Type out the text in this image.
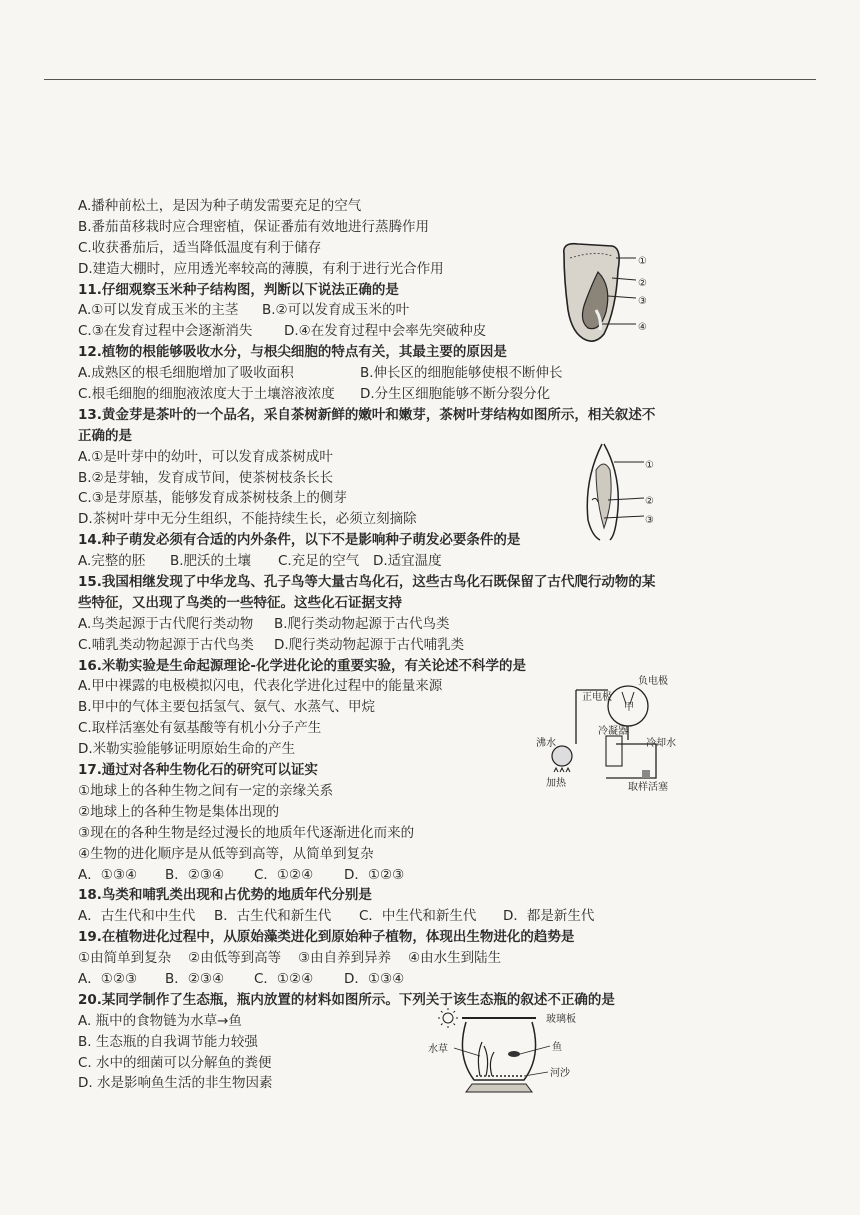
A.播种前松土，是因为种子萌发需要充足的空气
B.番茄苗移栽时应合理密植，保证番茄有效地进行蒸腾作用
C.收获番茄后，适当降低温度有利于储存
D.建造大棚时，应用透光率较高的薄膜，有利于进行光合作用
11.仔细观察玉米种子结构图，判断以下说法正确的是
A.①可以发育成玉米的主茎 B.②可以发育成玉米的叶
C.③在发育过程中会逐渐消失 D.④在发育过程中会率先突破种皮
12.植物的根能够吸收水分，与根尖细胞的特点有关，其最主要的原因是
A.成熟区的根毛细胞增加了吸收面积	B.伸长区的细胞能够使根不断伸长
C.根毛细胞的细胞液浓度大于土壤溶液浓度 D.分生区细胞能够不断分裂分化
13.黄金芽是茶叶的一个品名，采自茶树新鲜的嫩叶和嫩芽，茶树叶芽结构如图所示，相关叙述不
正确的是
A.①是叶芽中的幼叶，可以发育成茶树成叶
B.②是芽轴，发育成节间，使茶树枝条长长
C.③是芽原基，能够发育成茶树枝条上的侧芽
D.茶树叶芽中无分生组织，不能持续生长，必须立刻摘除
14.种子萌发必须有合适的内外条件，以下不是影响种子萌发必要条件的是
A.完整的胚 B.肥沃的土壤 C.充足的空气 D.适宜温度
15.我国相继发现了中华龙鸟、孔子鸟等大量古鸟化石，这些古鸟化石既保留了古代爬行动物的某
些特征，又出现了鸟类的一些特征。这些化石证据支持
A.鸟类起源于古代爬行类动物 B.爬行类动物起源于古代鸟类
C.哺乳类动物起源于古代鸟类 D.爬行类动物起源于古代哺乳类
16.米勒实验是生命起源理论-化学进化论的重要实验，有关论述不科学的是
A.甲中裸露的电极模拟闪电，代表化学进化过程中的能量来源
B.甲中的气体主要包括氢气、氨气、水蒸气、甲烷
C.取样活塞处有氨基酸等有机小分子产生
D.米勒实验能够证明原始生命的产生
17.通过对各种生物化石的研究可以证实
①地球上的各种生物之间有一定的亲缘关系
②地球上的各种生物是集体出现的
③现在的各种生物是经过漫长的地质年代逐渐进化而来的
④生物的进化顺序是从低等到高等，从简单到复杂
A．①③④ B．②③④ C．①②④ D．①②③
18.鸟类和哺乳类出现和占优势的地质年代分别是
A．古生代和中生代 B．古生代和新生代 C．中生代和新生代 D．都是新生代
19.在植物进化过程中，从原始藻类进化到原始种子植物，体现出生物进化的趋势是
①由简单到复杂 ②由低等到高等 ③由自养到异养 ④由水生到陆生
A．①②③ B．②③④ C．①②④ D．①③④
20.某同学制作了生态瓶，瓶内放置的材料如图所示。下列关于该生态瓶的叙述不正确的是
A. 瓶中的食物链为水草→鱼
B. 生态瓶的自我调节能力较强
C. 水中的细菌可以分解鱼的粪便
D. 水是影响鱼生活的非生物因素
①
②
③
④
①
②
③
负电极
正电极
甲
沸水
冷凝器
冷却水
加热	取样活塞
玻璃板
水草	鱼
河沙
